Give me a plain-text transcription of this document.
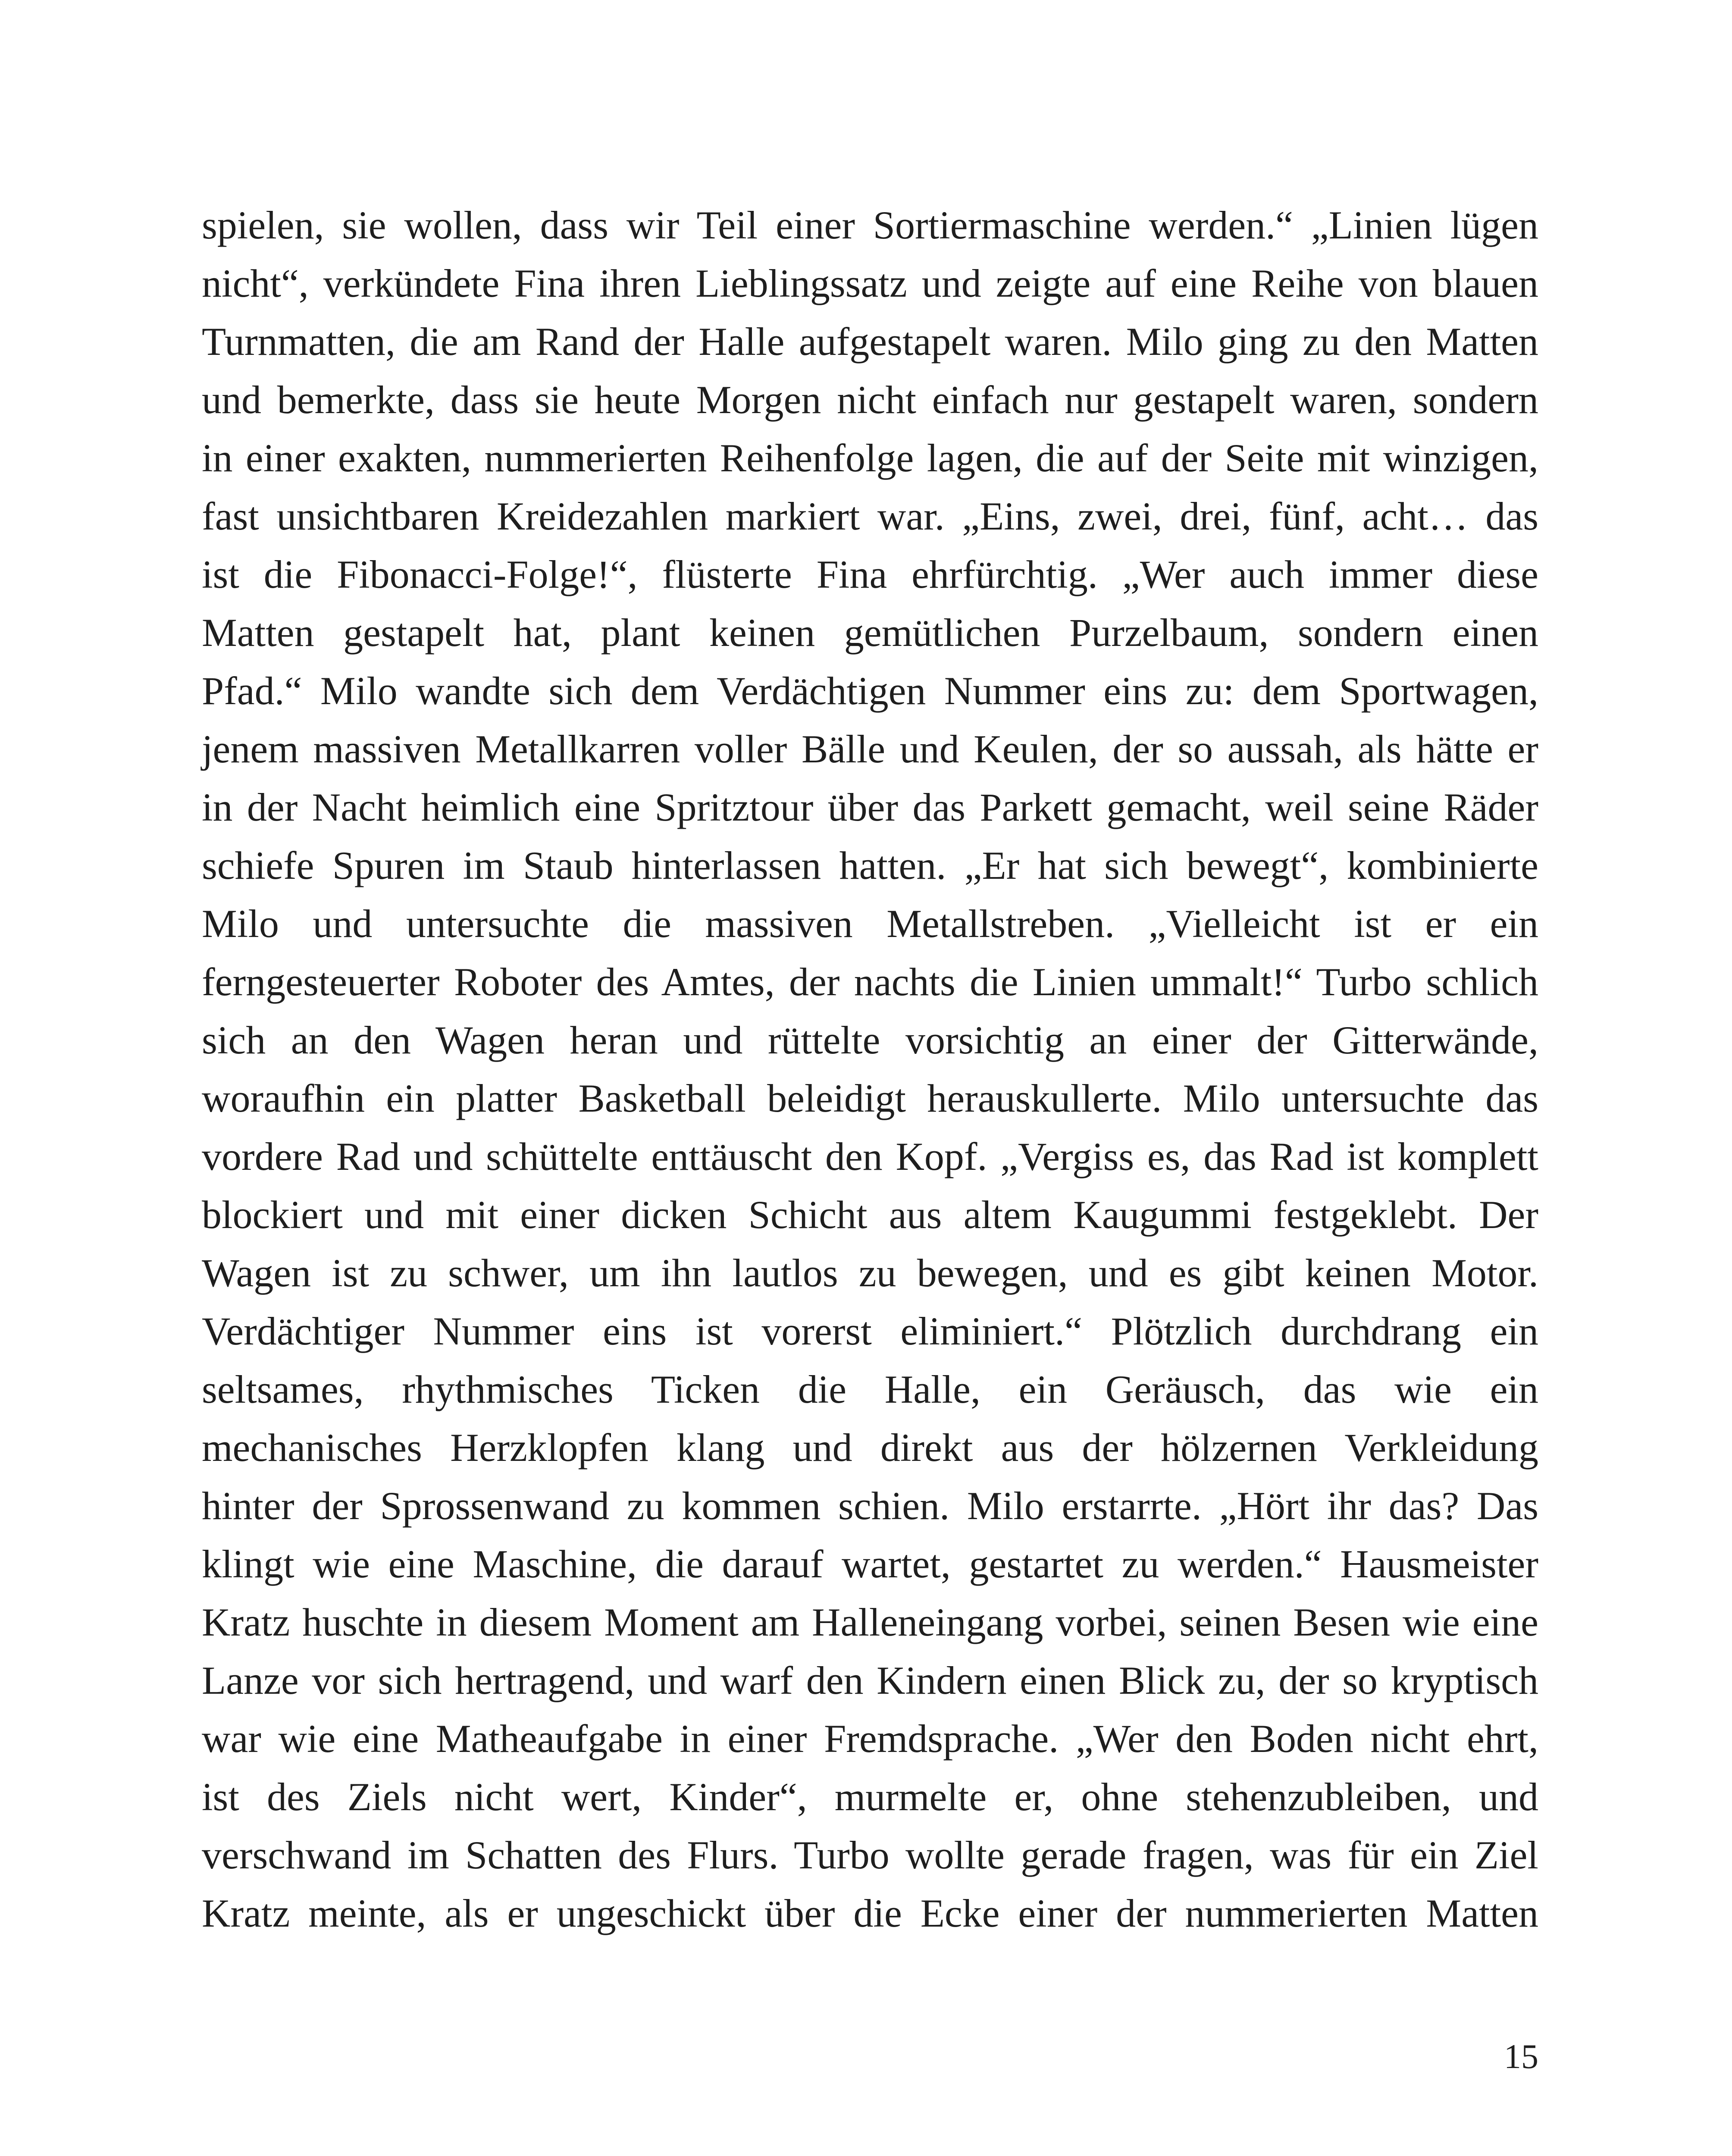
spielen, sie wollen, dass wir Teil einer Sortiermaschine werden.“ „Linien lügen
nicht“, verkündete Fina ihren Lieblingssatz und zeigte auf eine Reihe von blauen
Turnmatten, die am Rand der Halle aufgestapelt waren. Milo ging zu den Matten
und bemerkte, dass sie heute Morgen nicht einfach nur gestapelt waren, sondern
in einer exakten, nummerierten Reihenfolge lagen, die auf der Seite mit winzigen,
fast unsichtbaren Kreidezahlen markiert war. „Eins, zwei, drei, fünf, acht… das
ist die Fibonacci-Folge!“, flüsterte Fina ehrfürchtig. „Wer auch immer diese
Matten gestapelt hat, plant keinen gemütlichen Purzelbaum, sondern einen
Pfad.“ Milo wandte sich dem Verdächtigen Nummer eins zu: dem Sportwagen,
jenem massiven Metallkarren voller Bälle und Keulen, der so aussah, als hätte er
in der Nacht heimlich eine Spritztour über das Parkett gemacht, weil seine Räder
schiefe Spuren im Staub hinterlassen hatten. „Er hat sich bewegt“, kombinierte
Milo und untersuchte die massiven Metallstreben. „Vielleicht ist er ein
ferngesteuerter Roboter des Amtes, der nachts die Linien ummalt!“ Turbo schlich
sich an den Wagen heran und rüttelte vorsichtig an einer der Gitterwände,
woraufhin ein platter Basketball beleidigt herauskullerte. Milo untersuchte das
vordere Rad und schüttelte enttäuscht den Kopf. „Vergiss es, das Rad ist komplett
blockiert und mit einer dicken Schicht aus altem Kaugummi festgeklebt. Der
Wagen ist zu schwer, um ihn lautlos zu bewegen, und es gibt keinen Motor.
Verdächtiger Nummer eins ist vorerst eliminiert.“ Plötzlich durchdrang ein
seltsames, rhythmisches Ticken die Halle, ein Geräusch, das wie ein
mechanisches Herzklopfen klang und direkt aus der hölzernen Verkleidung
hinter der Sprossenwand zu kommen schien. Milo erstarrte. „Hört ihr das? Das
klingt wie eine Maschine, die darauf wartet, gestartet zu werden.“ Hausmeister
Kratz huschte in diesem Moment am Halleneingang vorbei, seinen Besen wie eine
Lanze vor sich hertragend, und warf den Kindern einen Blick zu, der so kryptisch
war wie eine Matheaufgabe in einer Fremdsprache. „Wer den Boden nicht ehrt,
ist des Ziels nicht wert, Kinder“, murmelte er, ohne stehenzubleiben, und
verschwand im Schatten des Flurs. Turbo wollte gerade fragen, was für ein Ziel
Kratz meinte, als er ungeschickt über die Ecke einer der nummerierten Matten
15
